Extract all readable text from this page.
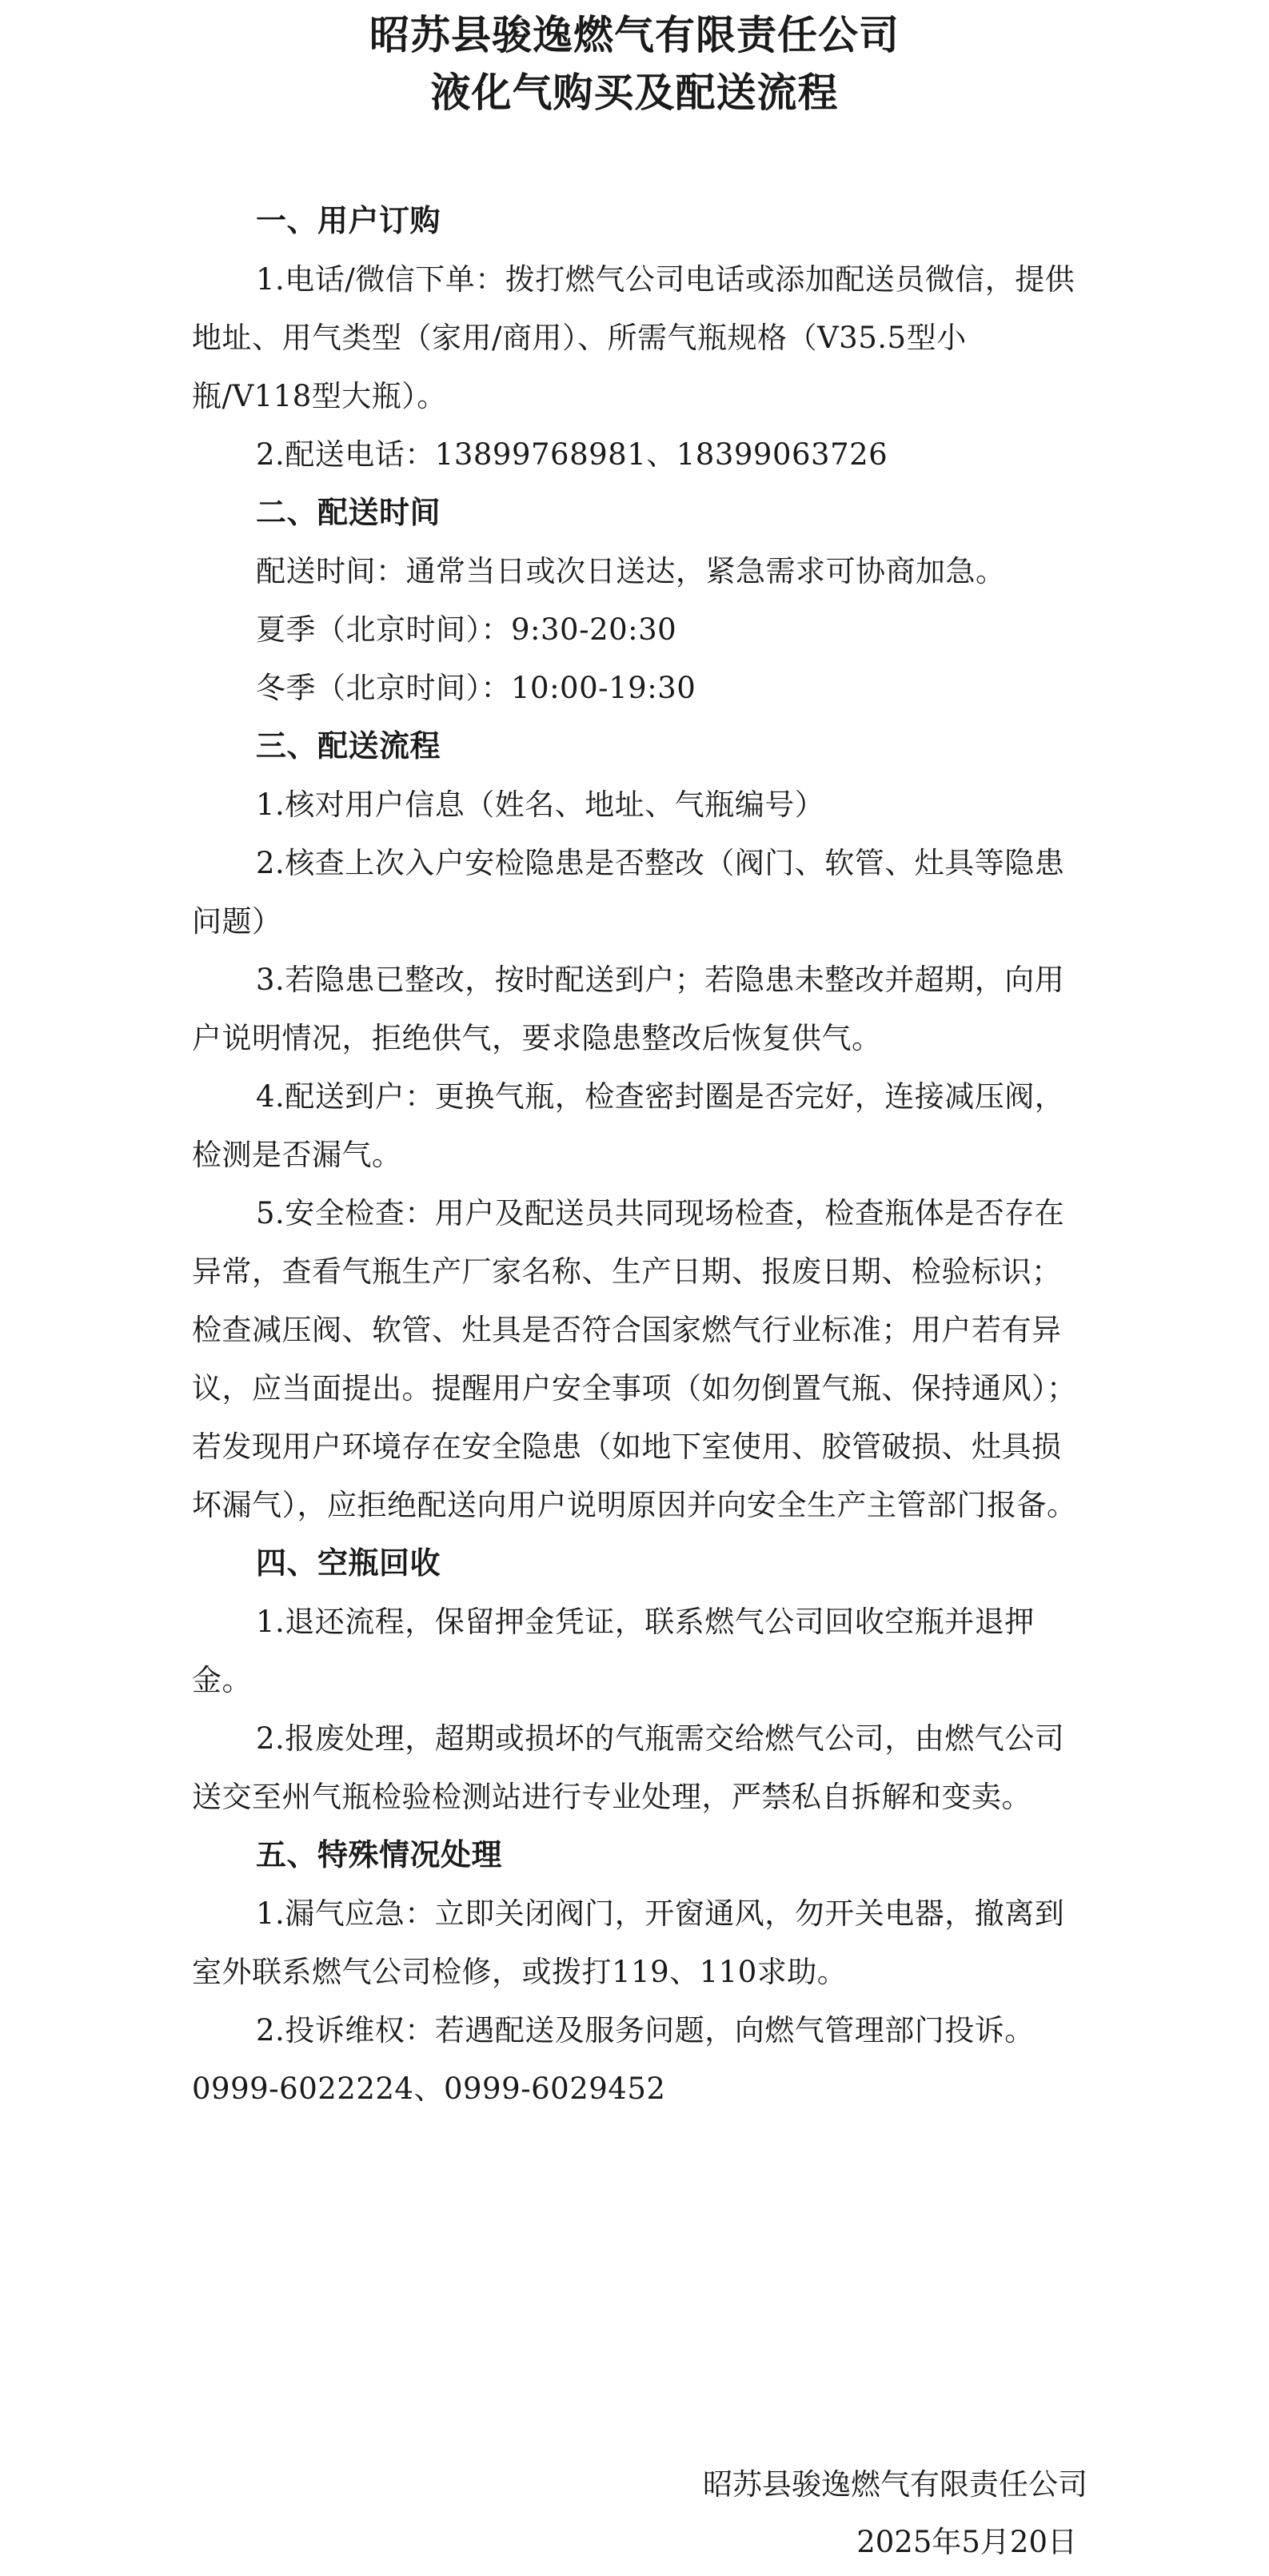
昭苏县骏逸燃气有限责任公司
液化气购买及配送流程
一、用户订购

1.电话/微信下单：拨打燃气公司电话或添加配送员微信，提供地址、用气类型（家用/商用）、所需气瓶规格（V35.5型小瓶/V118型大瓶）。

2.配送电话：13899768981、18399063726

二、配送时间

配送时间：通常当日或次日送达，紧急需求可协商加急。

夏季（北京时间）：9:30-20:30

冬季（北京时间）：10:00-19:30

三、配送流程

1.核对用户信息（姓名、地址、气瓶编号）

2.核查上次入户安检隐患是否整改（阀门、软管、灶具等隐患问题）

3.若隐患已整改，按时配送到户；若隐患未整改并超期，向用户说明情况，拒绝供气，要求隐患整改后恢复供气。

4.配送到户：更换气瓶，检查密封圈是否完好，连接减压阀，检测是否漏气。

5.安全检查：用户及配送员共同现场检查，检查瓶体是否存在异常，查看气瓶生产厂家名称、生产日期、报废日期、检验标识；检查减压阀、软管、灶具是否符合国家燃气行业标准；用户若有异议，应当面提出。提醒用户安全事项（如勿倒置气瓶、保持通风）；若发现用户环境存在安全隐患（如地下室使用、胶管破损、灶具损坏漏气），应拒绝配送向用户说明原因并向安全生产主管部门报备。

四、空瓶回收

1.退还流程，保留押金凭证，联系燃气公司回收空瓶并退押金。

2.报废处理，超期或损坏的气瓶需交给燃气公司，由燃气公司送交至州气瓶检验检测站进行专业处理，严禁私自拆解和变卖。

五、特殊情况处理

1.漏气应急：立即关闭阀门，开窗通风，勿开关电器，撤离到室外联系燃气公司检修，或拨打119、110求助。

2.投诉维权：若遇配送及服务问题，向燃气管理部门投诉。0999-6022224、0999-6029452

昭苏县骏逸燃气有限责任公司
2025年5月20日
